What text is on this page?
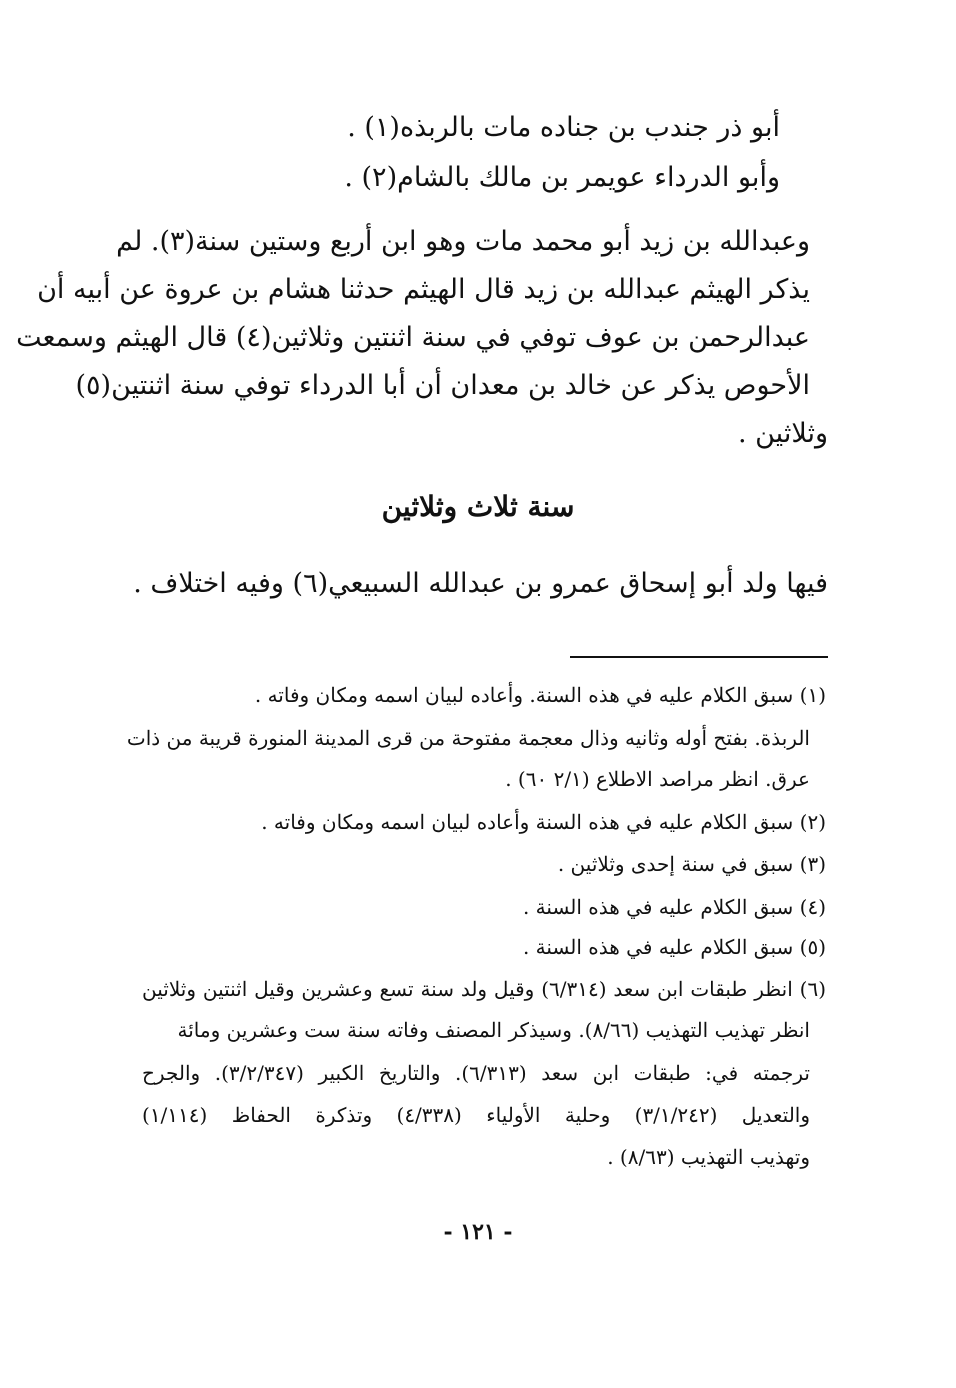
أبو ذر جندب بن جناده مات بالربذه(١) .
وأبو الدرداء عويمر بن مالك بالشام(٢) .
وعبدالله بن زيد أبو محمد مات وهو ابن أربع وستين سنة(٣). لم
يذكر الهيثم عبدالله بن زيد قال الهيثم حدثنا هشام بن عروة عن أبيه أن
عبدالرحمن بن عوف توفي في سنة اثنتين وثلاثين(٤) قال الهيثم وسمعت
الأحوص يذكر عن خالد بن معدان أن أبا الدرداء توفي سنة اثنتين(٥)
وثلاثين .
سنة ثلاث وثلاثين
فيها ولد أبو إسحاق عمرو بن عبدالله السبيعي(٦) وفيه اختلاف .
(١) سبق الكلام عليه في هذه السنة. وأعاده لبيان اسمه ومكان وفاته .
الربذة. بفتح أوله وثانيه وذال معجمة مفتوحة من قرى المدينة المنورة قريبة من ذات
عرق. انظر مراصد الاطلاع (٢/١ ٦٠) .
(٢) سبق الكلام عليه في هذه السنة وأعاده لبيان اسمه ومكان وفاته .
(٣) سبق في سنة إحدى وثلاثين .
(٤) سبق الكلام عليه في هذه السنة .
(٥) سبق الكلام عليه في هذه السنة .
(٦) انظر طبقات ابن سعد (٦/٣١٤) وقيل ولد سنة تسع وعشرين وقيل اثنتين وثلاثين
انظر تهذيب التهذيب (٨/٦٦). وسيذكر المصنف وفاته سنة ست وعشرين ومائة
ترجمته في: طبقات ابن سعد (٦/٣١٣). والتاريخ الكبير (٣/٢/٣٤٧). والجرح
والتعديل (٣/١/٢٤٢) وحلية الأولياء (٤/٣٣٨) وتذكرة الحفاظ (١/١١٤)
وتهذيب التهذيب (٨/٦٣) .
- ١٢١ -
